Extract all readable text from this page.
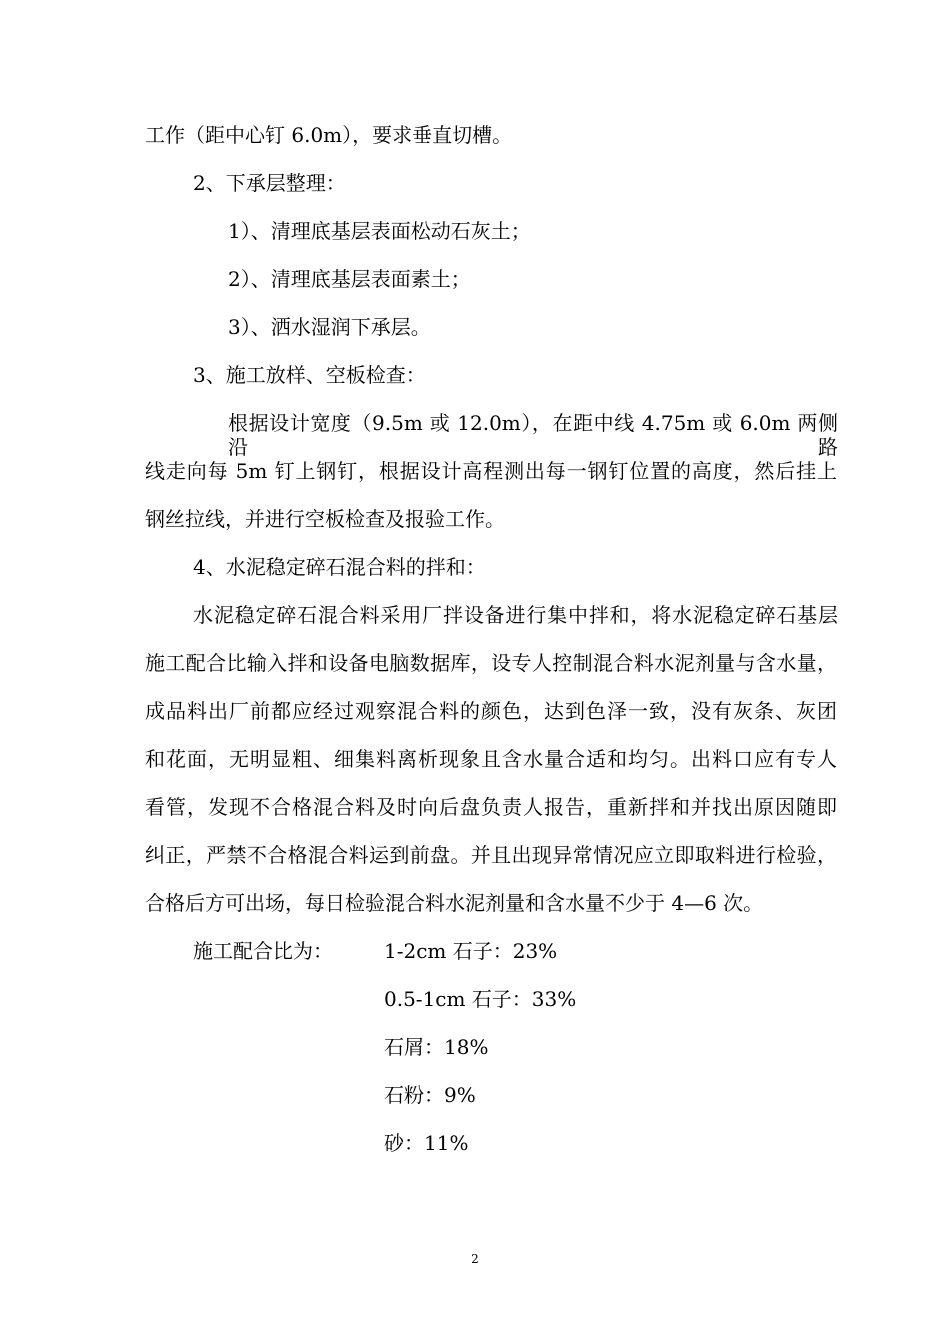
工作（距中心钉 6.0m），要求垂直切槽。
2、下承层整理：
1）、清理底基层表面松动石灰土；
2）、清理底基层表面素土；
3）、洒水湿润下承层。
3、施工放样、空板检查：
根据设计宽度（9.5m 或 12.0m），在距中线 4.75m 或 6.0m 两侧沿路
线走向每 5m 钉上钢钉，根据设计高程测出每一钢钉位置的高度，然后挂上
钢丝拉线，并进行空板检查及报验工作。
4、水泥稳定碎石混合料的拌和：
水泥稳定碎石混合料采用厂拌设备进行集中拌和，将水泥稳定碎石基层
施工配合比输入拌和设备电脑数据库，设专人控制混合料水泥剂量与含水量，
成品料出厂前都应经过观察混合料的颜色，达到色泽一致，没有灰条、灰团
和花面，无明显粗、细集料离析现象且含水量合适和均匀。出料口应有专人
看管，发现不合格混合料及时向后盘负责人报告，重新拌和并找出原因随即
纠正，严禁不合格混合料运到前盘。并且出现异常情况应立即取料进行检验，
合格后方可出场，每日检验混合料水泥剂量和含水量不少于 4—6 次。
施工配合比为：	1-2cm 石子：23%
0.5-1cm 石子：33%
石屑：18%
石粉：9%
砂：11%
2
